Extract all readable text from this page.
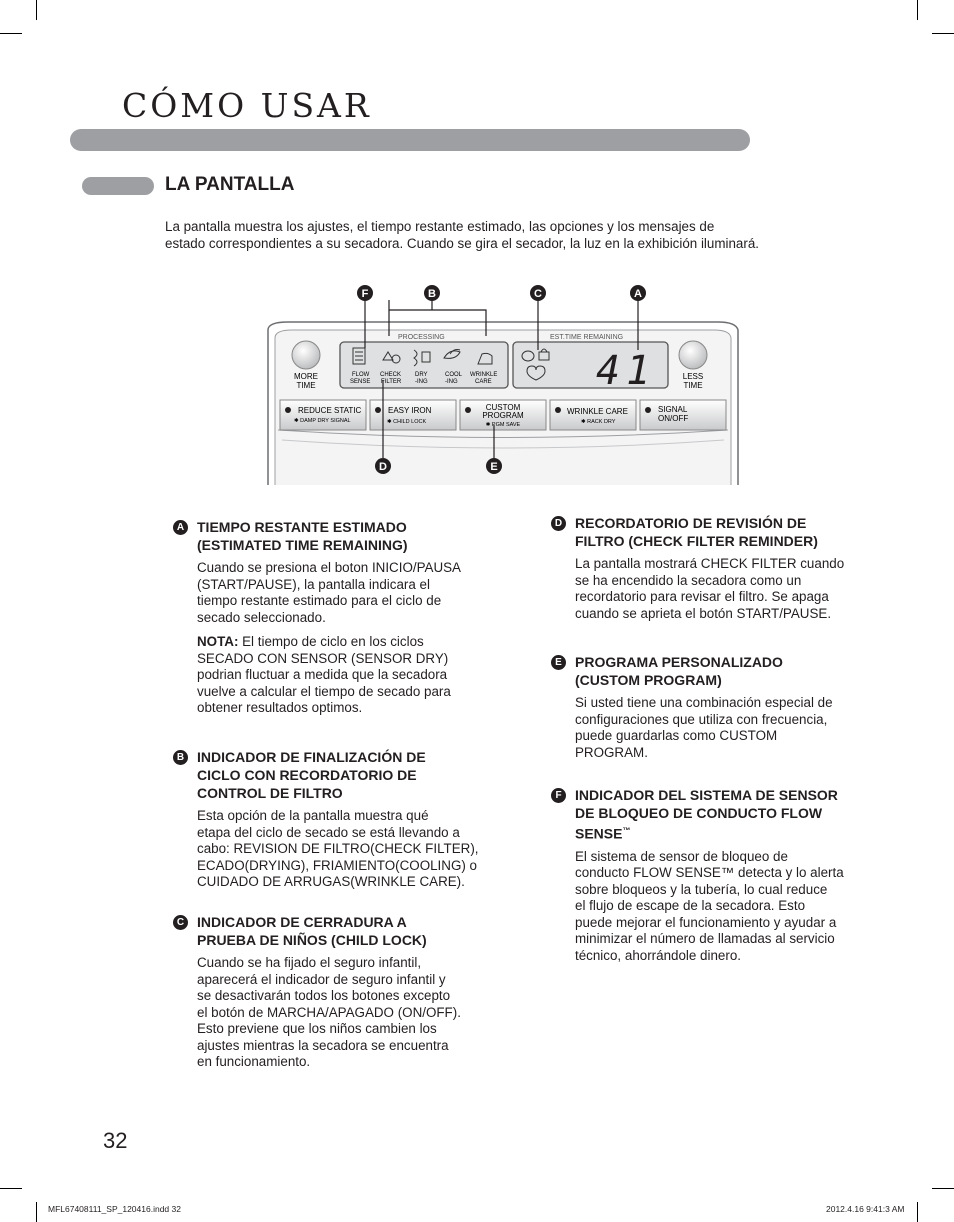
CÓMO USAR
LA PANTALLA
La pantalla muestra los ajustes, el tiempo restante estimado, las opciones y los mensajes de
estado correspondientes a su secadora. Cuando se gira el secador, la luz en la exhibición iluminará.
PROCESSING	EST.TIME REMAINING
MORE
TIME
LESS
TIME
FLOW
SENSE
CHECK
FILTER
DRY
-ING
COOL
-ING
WRINKLE
CARE	41
REDUCE STATIC
✱ DAMP DRY SIGNAL
EASY IRON
✱ CHILD LOCK
CUSTOM
PROGRAM
✱ PGM SAVE
WRINKLE CARE
✱ RACK DRY
SIGNAL
ON/OFF
F	B	C	A
D	E
A TIEMPO RESTANTE ESTIMADO
(ESTIMATED TIME REMAINING)

Cuando se presiona el boton INICIO/PAUSA
(START/PAUSE), la pantalla indicara el
tiempo restante estimado para el ciclo de
secado seleccionado.

NOTA: El tiempo de ciclo en los ciclos
SECADO CON SENSOR (SENSOR DRY)
podrian fluctuar a medida que la secadora
vuelve a calcular el tiempo de secado para
obtener resultados optimos.

B INDICADOR DE FINALIZACIÓN DE
CICLO CON RECORDATORIO DE
CONTROL DE FILTRO

Esta opción de la pantalla muestra qué
etapa del ciclo de secado se está llevando a
cabo: REVISION DE FILTRO(CHECK FILTER),
ECADO(DRYING), FRIAMIENTO(COOLING) o
CUIDADO DE ARRUGAS(WRINKLE CARE).

C INDICADOR DE CERRADURA A
PRUEBA DE NIÑOS (CHILD LOCK)

Cuando se ha fijado el seguro infantil,
aparecerá el indicador de seguro infantil y
se desactivarán todos los botones excepto
el botón de MARCHA/APAGADO (ON/OFF).
Esto previene que los niños cambien los
ajustes mientras la secadora se encuentra
en funcionamiento.

D RECORDATORIO DE REVISIÓN DE
FILTRO (CHECK FILTER REMINDER)

La pantalla mostrará CHECK FILTER cuando
se ha encendido la secadora como un
recordatorio para revisar el filtro. Se apaga
cuando se aprieta el botón START/PAUSE.

E PROGRAMA PERSONALIZADO
(CUSTOM PROGRAM)

Si usted tiene una combinación especial de
configuraciones que utiliza con frecuencia,
puede guardarlas como CUSTOM
PROGRAM.

F INDICADOR DEL SISTEMA DE SENSOR
DE BLOQUEO DE CONDUCTO FLOW
SENSE™

El sistema de sensor de bloqueo de
conducto FLOW SENSE™ detecta y lo alerta
sobre bloqueos y la tubería, lo cual reduce
el flujo de escape de la secadora. Esto
puede mejorar el funcionamiento y ayudar a
minimizar el número de llamadas al servicio
técnico, ahorrándole dinero.

32
MFL67408111_SP_120416.indd 32	2012.4.16 9:41:3 AM
